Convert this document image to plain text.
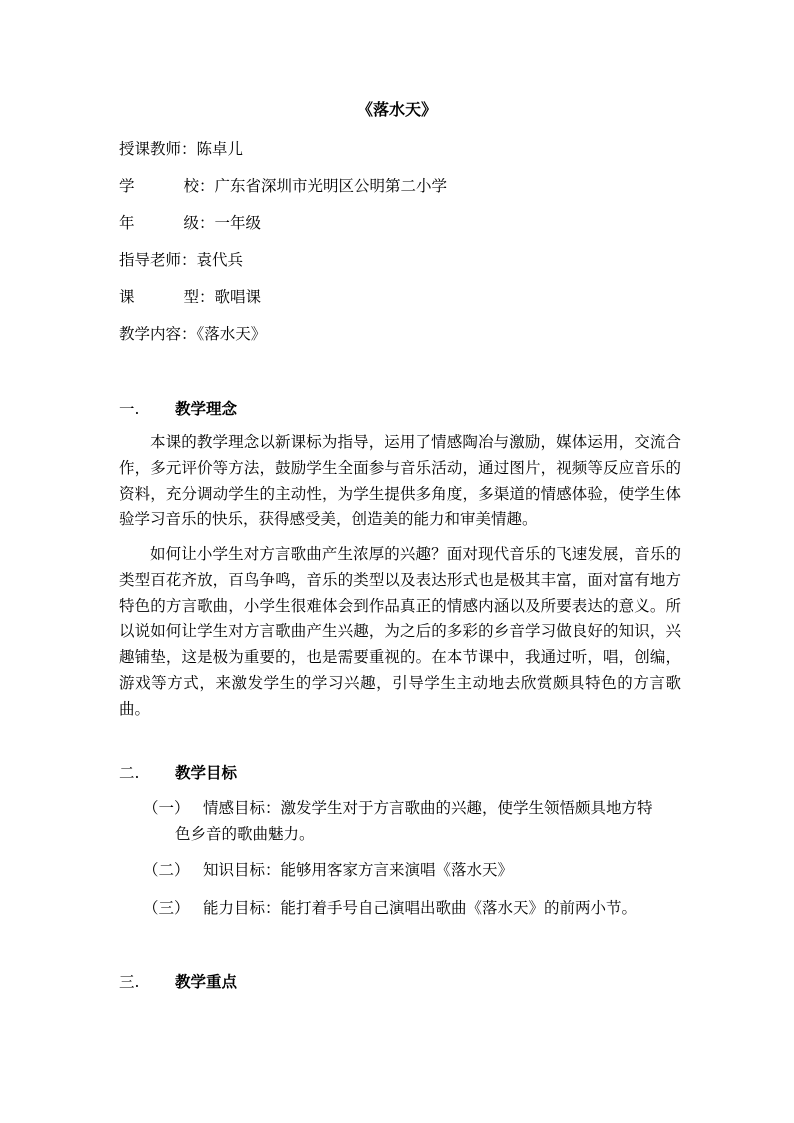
《落水天》
授课教师：陈卓儿
学校：广东省深圳市光明区公明第二小学
年级：一年级
指导老师：袁代兵
课型：歌唱课
教学内容：《落水天》
一. 教学理念
本课的教学理念以新课标为指导，运用了情感陶冶与激励，媒体运用，交流合作，多元评价等方法，鼓励学生全面参与音乐活动，通过图片，视频等反应音乐的资料，充分调动学生的主动性，为学生提供多角度，多渠道的情感体验，使学生体验学习音乐的快乐，获得感受美，创造美的能力和审美情趣。
如何让小学生对方言歌曲产生浓厚的兴趣？面对现代音乐的飞速发展，音乐的类型百花齐放，百鸟争鸣，音乐的类型以及表达形式也是极其丰富，面对富有地方特色的方言歌曲，小学生很难体会到作品真正的情感内涵以及所要表达的意义。所以说如何让学生对方言歌曲产生兴趣，为之后的多彩的乡音学习做良好的知识，兴趣铺垫，这是极为重要的，也是需要重视的。在本节课中，我通过听，唱，创编，游戏等方式，来激发学生的学习兴趣，引导学生主动地去欣赏颇具特色的方言歌曲。
二. 教学目标
（一） 情感目标：激发学生对于方言歌曲的兴趣，使学生领悟颇具地方特
色乡音的歌曲魅力。
（二） 知识目标：能够用客家方言来演唱《落水天》
（三） 能力目标：能打着手号自己演唱出歌曲《落水天》的前两小节。
三. 教学重点
